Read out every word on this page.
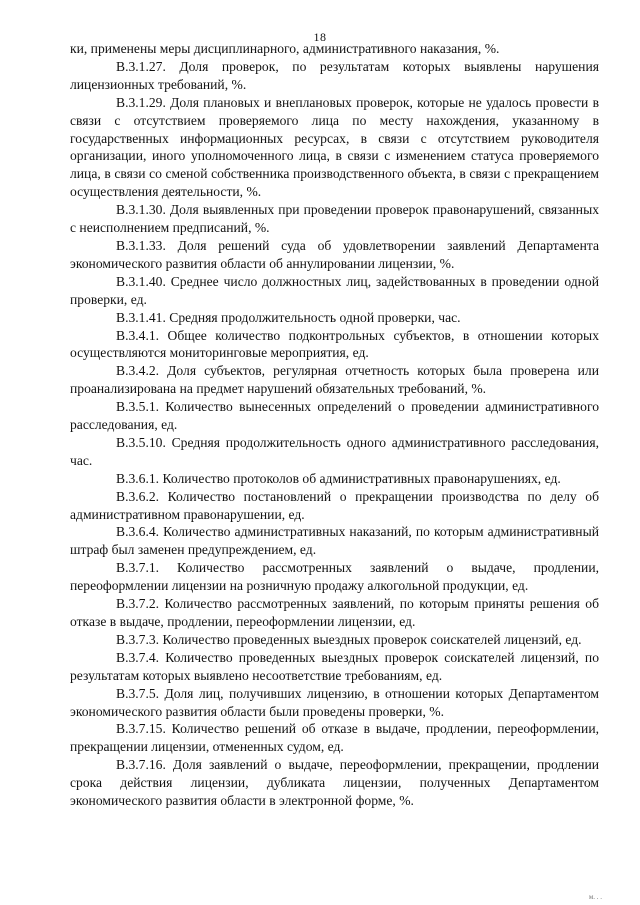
18

ки, применены меры дисциплинарного, административного наказания, %.

В.3.1.27. Доля проверок, по результатам которых выявлены нарушения лицензионных требований, %.

В.3.1.29. Доля плановых и внеплановых проверок, которые не удалось провести в связи с отсутствием проверяемого лица по месту нахождения, указанному в государственных информационных ресурсах, в связи с отсутствием руководителя организации, иного уполномоченного лица, в связи с изменением статуса проверяемого лица, в связи со сменой собственника производственного объекта, в связи с прекращением осуществления деятельности, %.

В.3.1.30. Доля выявленных при проведении проверок правонарушений, связанных с неисполнением предписаний, %.

В.3.1.33. Доля решений суда об удовлетворении заявлений Департамента экономического развития области об аннулировании лицензии, %.

В.3.1.40. Среднее число должностных лиц, задействованных в проведении одной проверки, ед.

В.3.1.41. Средняя продолжительность одной проверки, час.

В.3.4.1. Общее количество подконтрольных субъектов, в отношении которых осуществляются мониторинговые мероприятия, ед.

В.3.4.2. Доля субъектов, регулярная отчетность которых была проверена или проанализирована на предмет нарушений обязательных требований, %.

В.3.5.1. Количество вынесенных определений о проведении административного расследования, ед.

В.3.5.10. Средняя продолжительность одного административного расследования, час.

В.3.6.1. Количество протоколов об административных правонарушениях, ед.

В.3.6.2. Количество постановлений о прекращении производства по делу об административном правонарушении, ед.

В.3.6.4. Количество административных наказаний, по которым административный штраф был заменен предупреждением, ед.

В.3.7.1. Количество рассмотренных заявлений о выдаче, продлении, переоформлении лицензии на розничную продажу алкогольной продукции, ед.

В.3.7.2. Количество рассмотренных заявлений, по которым приняты решения об отказе в выдаче, продлении, переоформлении лицензии, ед.

В.3.7.3. Количество проведенных выездных проверок соискателей лицензий, ед.

В.3.7.4. Количество проведенных выездных проверок соискателей лицензий, по результатам которых выявлено несоответствие требованиям, ед.

В.3.7.5. Доля лиц, получивших лицензию, в отношении которых Департаментом экономического развития области были проведены проверки, %.

В.3.7.15. Количество решений об отказе в выдаче, продлении, переоформлении, прекращении лицензии, отмененных судом, ед.

В.3.7.16. Доля заявлений о выдаче, переоформлении, прекращении, продлении срока действия лицензии, дубликата лицензии, полученных Департаментом экономического развития области в электронной форме, %.

м. . .
